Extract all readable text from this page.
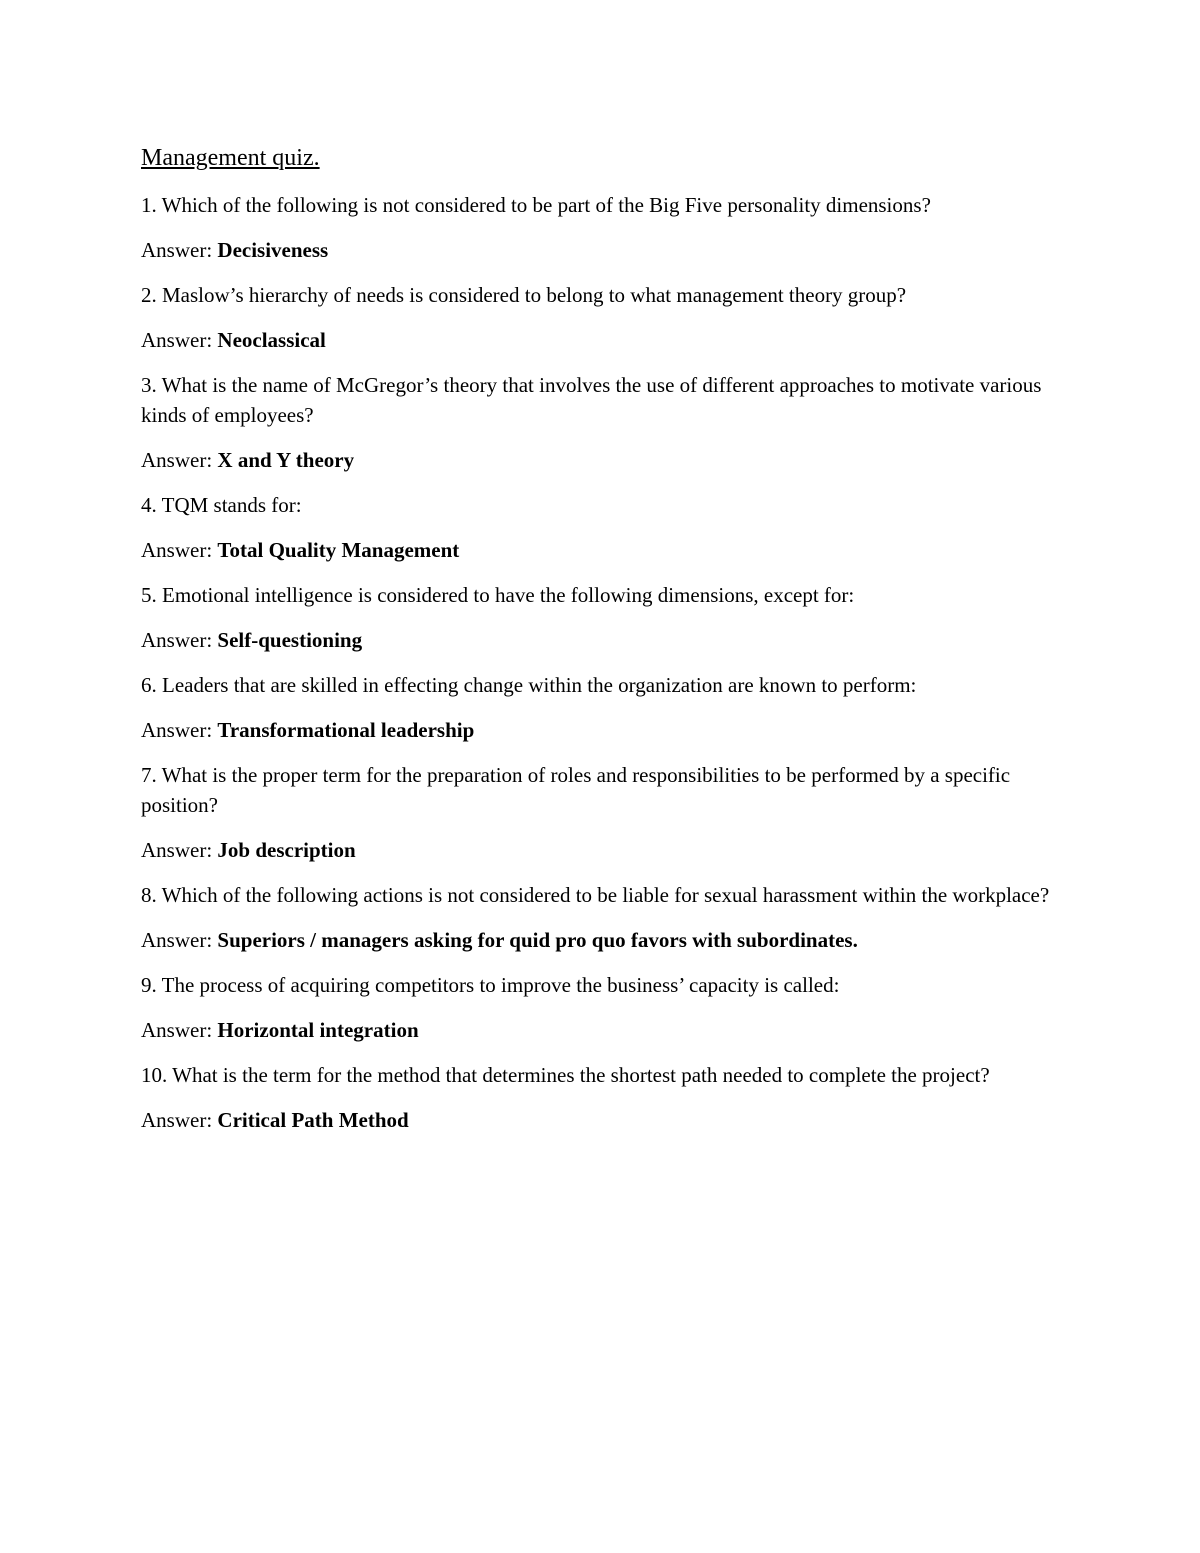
Management quiz.

1. Which of the following is not considered to be part of the Big Five personality dimensions?

Answer: Decisiveness

2. Maslow’s hierarchy of needs is considered to belong to what management theory group?

Answer: Neoclassical

3. What is the name of McGregor’s theory that involves the use of different approaches to motivate various kinds of employees?

Answer: X and Y theory

4. TQM stands for:

Answer: Total Quality Management

5. Emotional intelligence is considered to have the following dimensions, except for:

Answer: Self-questioning

6. Leaders that are skilled in effecting change within the organization are known to perform:

Answer: Transformational leadership

7. What is the proper term for the preparation of roles and responsibilities to be performed by a specific position?

Answer: Job description

8. Which of the following actions is not considered to be liable for sexual harassment within the workplace?

Answer: Superiors / managers asking for quid pro quo favors with subordinates.

9. The process of acquiring competitors to improve the business’ capacity is called:

Answer: Horizontal integration

10. What is the term for the method that determines the shortest path needed to complete the project?

Answer: Critical Path Method
